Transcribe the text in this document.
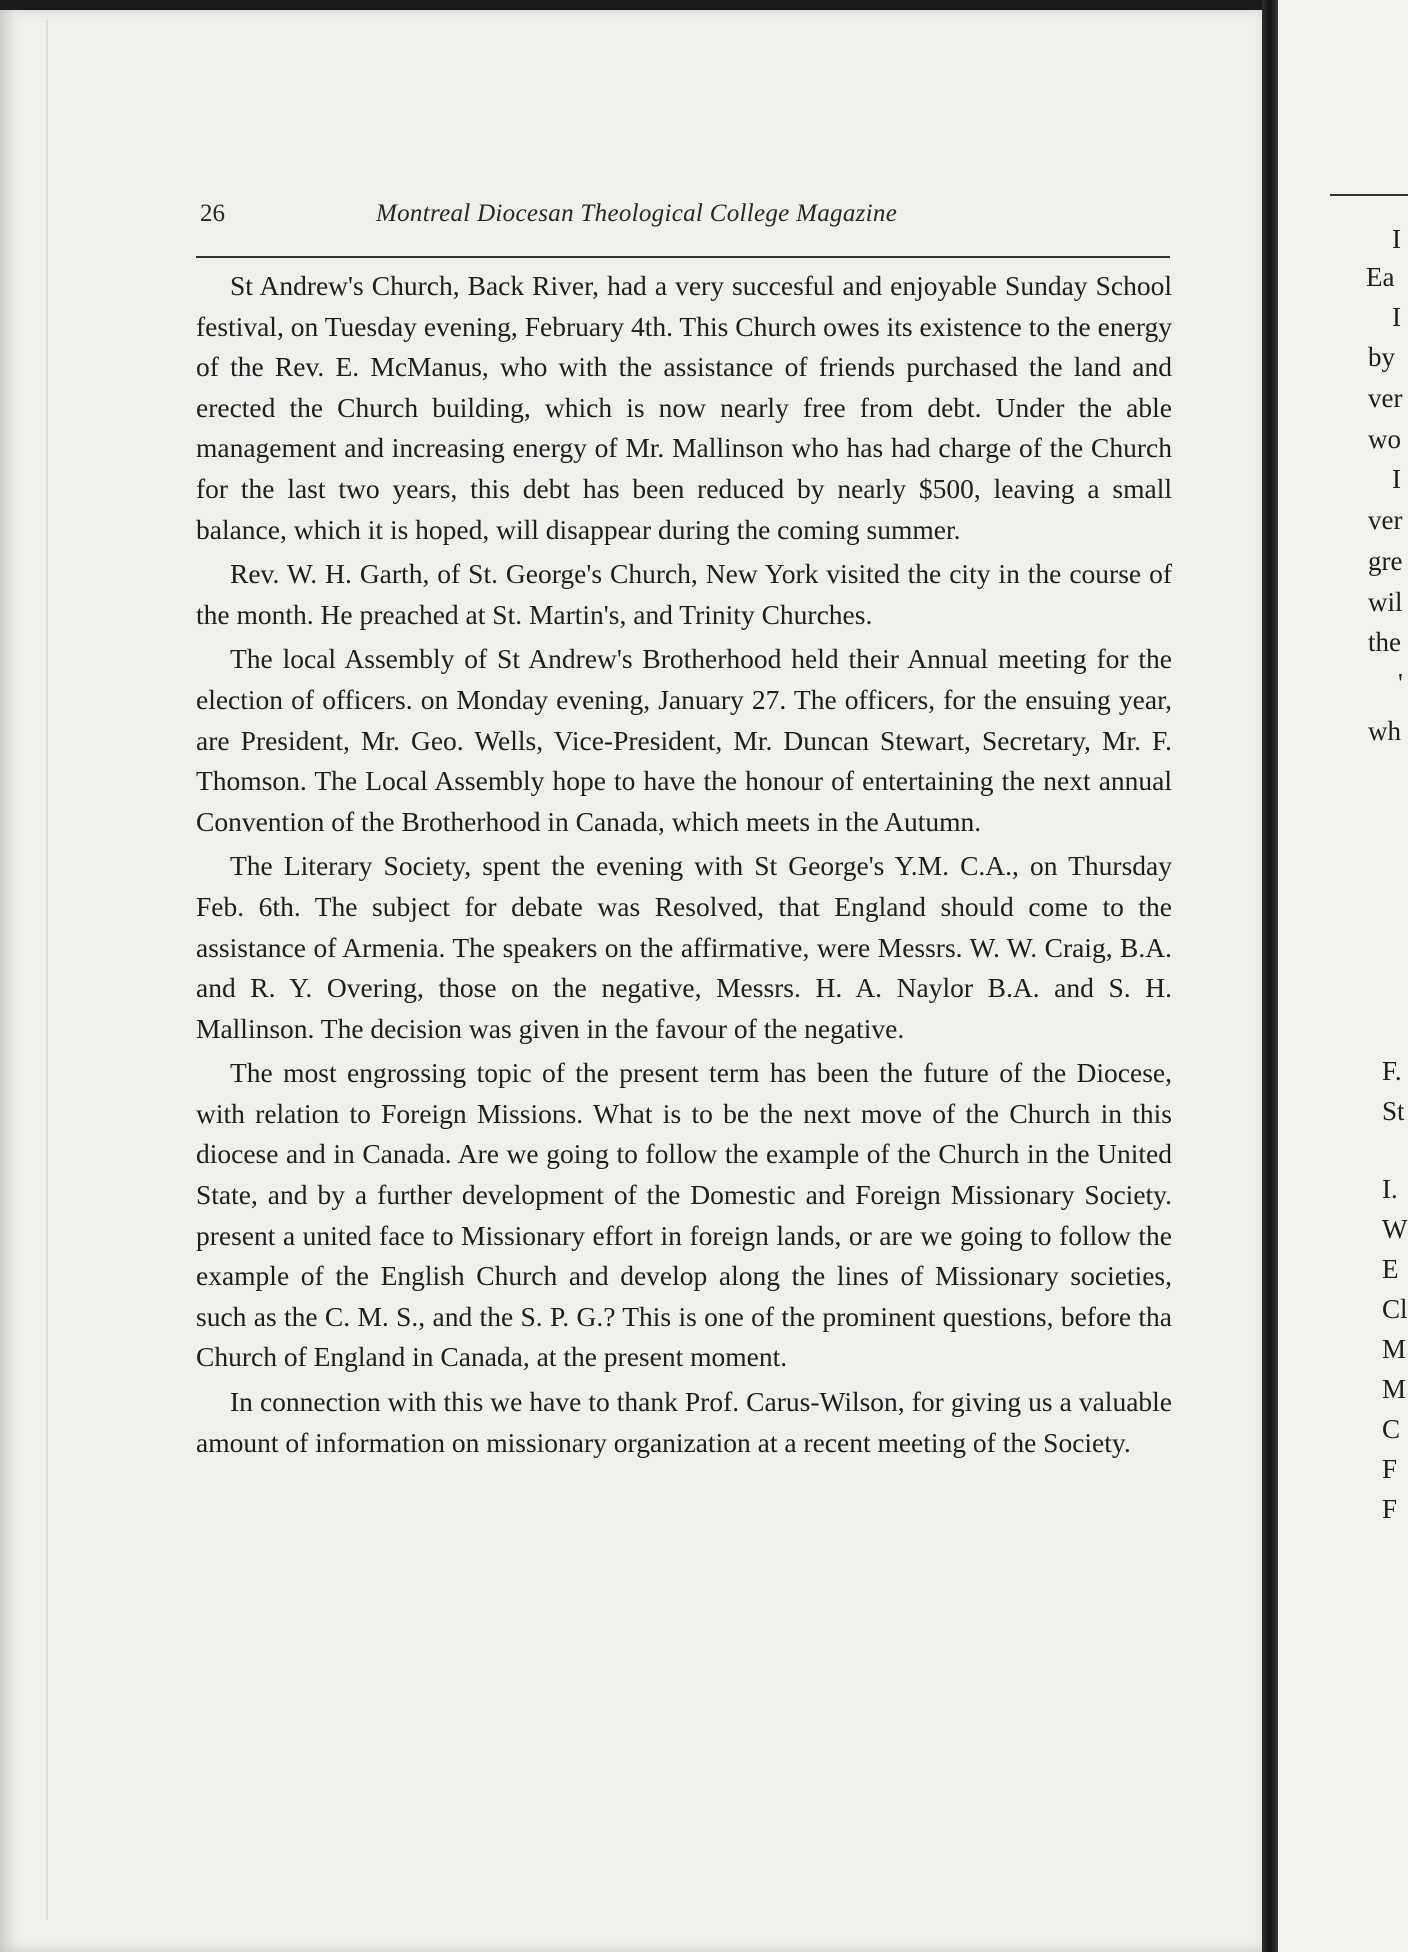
26	Montreal Diocesan Theological College Magazine

St Andrew's Church, Back River, had a very succesful and enjoyable Sunday School festival, on Tuesday evening, February 4th. This Church owes its existence to the energy of the Rev. E. McManus, who with the assistance of friends purchased the land and erected the Church building, which is now nearly free from debt. Under the able management and increasing energy of Mr. Mallinson who has had charge of the Church for the last two years, this debt has been reduced by nearly $500, leaving a small balance, which it is hoped, will disappear during the coming summer.

Rev. W. H. Garth, of St. George's Church, New York visited the city in the course of the month. He preached at St. Martin's, and Trinity Churches.

The local Assembly of St Andrew's Brotherhood held their Annual meeting for the election of officers. on Monday evening, January 27. The officers, for the ensuing year, are President, Mr. Geo. Wells, Vice-President, Mr. Duncan Stewart, Secretary, Mr. F. Thomson. The Local Assembly hope to have the honour of entertaining the next annual Convention of the Brotherhood in Canada, which meets in the Autumn.

The Literary Society, spent the evening with St George's Y.M. C.A., on Thursday Feb. 6th. The subject for debate was Resolved, that England should come to the assistance of Armenia. The speakers on the affirmative, were Messrs. W. W. Craig, B.A. and R. Y. Overing, those on the negative, Messrs. H. A. Naylor B.A. and S. H. Mallinson. The decision was given in the favour of the negative.

The most engrossing topic of the present term has been the future of the Diocese, with relation to Foreign Missions. What is to be the next move of the Church in this diocese and in Canada. Are we going to follow the example of the Church in the United State, and by a further development of the Domestic and Foreign Missionary Society. present a united face to Missionary effort in foreign lands, or are we going to follow the example of the English Church and develop along the lines of Missionary societies, such as the C. M. S., and the S. P. G.? This is one of the prominent questions, before tha Church of England in Canada, at the present moment.

In connection with this we have to thank Prof. Carus-Wilson, for giving us a valuable amount of information on missionary organization at a recent meeting of the Society.

I
Ea
I
by
ver
wo
I
ver
gre
wil
the
'
wh
F.
St
I.
W
E
Cl
M
M
C
F
F
